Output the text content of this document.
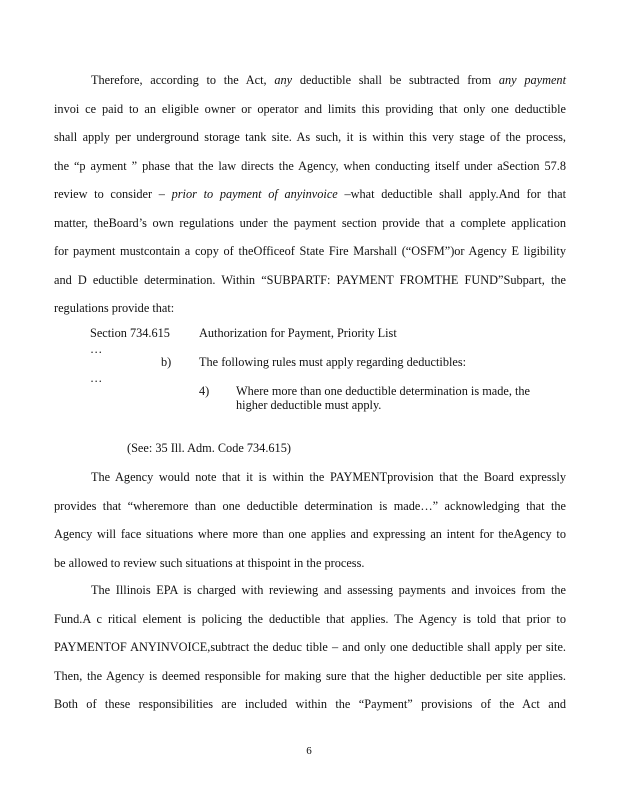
Therefore, according to the Act, any deductible shall be subtracted from any payment
invoi ce paid to an eligible owner or operator and limits this providing that only one deductible
shall apply per underground storage tank site. As such, it is within this very stage of the process,
the “p ayment ” phase that the law directs the Agency, when conducting itself under aSection 57.8
review to consider – prior to payment of anyinvoice –what deductible shall apply.And for that
matter, theBoard’s own regulations under the payment section provide that a complete application
for payment mustcontain a copy of theOfficeof State Fire Marshall (“OSFM”)or Agency E ligibility
and D eductible determination. Within “SUBPARTF: PAYMENT FROMTHE FUND”Subpart, the
regulations provide that:
Section 734.615 Authorization for Payment, Priority List
…
b) The following rules must apply regarding deductibles:
…
4) Where more than one deductible determination is made, the
higher deductible must apply.
(See: 35 Ill. Adm. Code 734.615)
The Agency would note that it is within the PAYMENTprovision that the Board expressly
provides that “wheremore than one deductible determination is made…” acknowledging that the
Agency will face situations where more than one applies and expressing an intent for theAgency to
be allowed to review such situations at thispoint in the process.
The Illinois EPA is charged with reviewing and assessing payments and invoices from the
Fund.A c ritical element is policing the deductible that applies. The Agency is told that prior to
PAYMENTOF ANYINVOICE,subtract the deduc tible – and only one deductible shall apply per site.
Then, the Agency is deemed responsible for making sure that the higher deductible per site applies.
Both of these responsibilities are included within the “Payment” provisions of the Act and
6
